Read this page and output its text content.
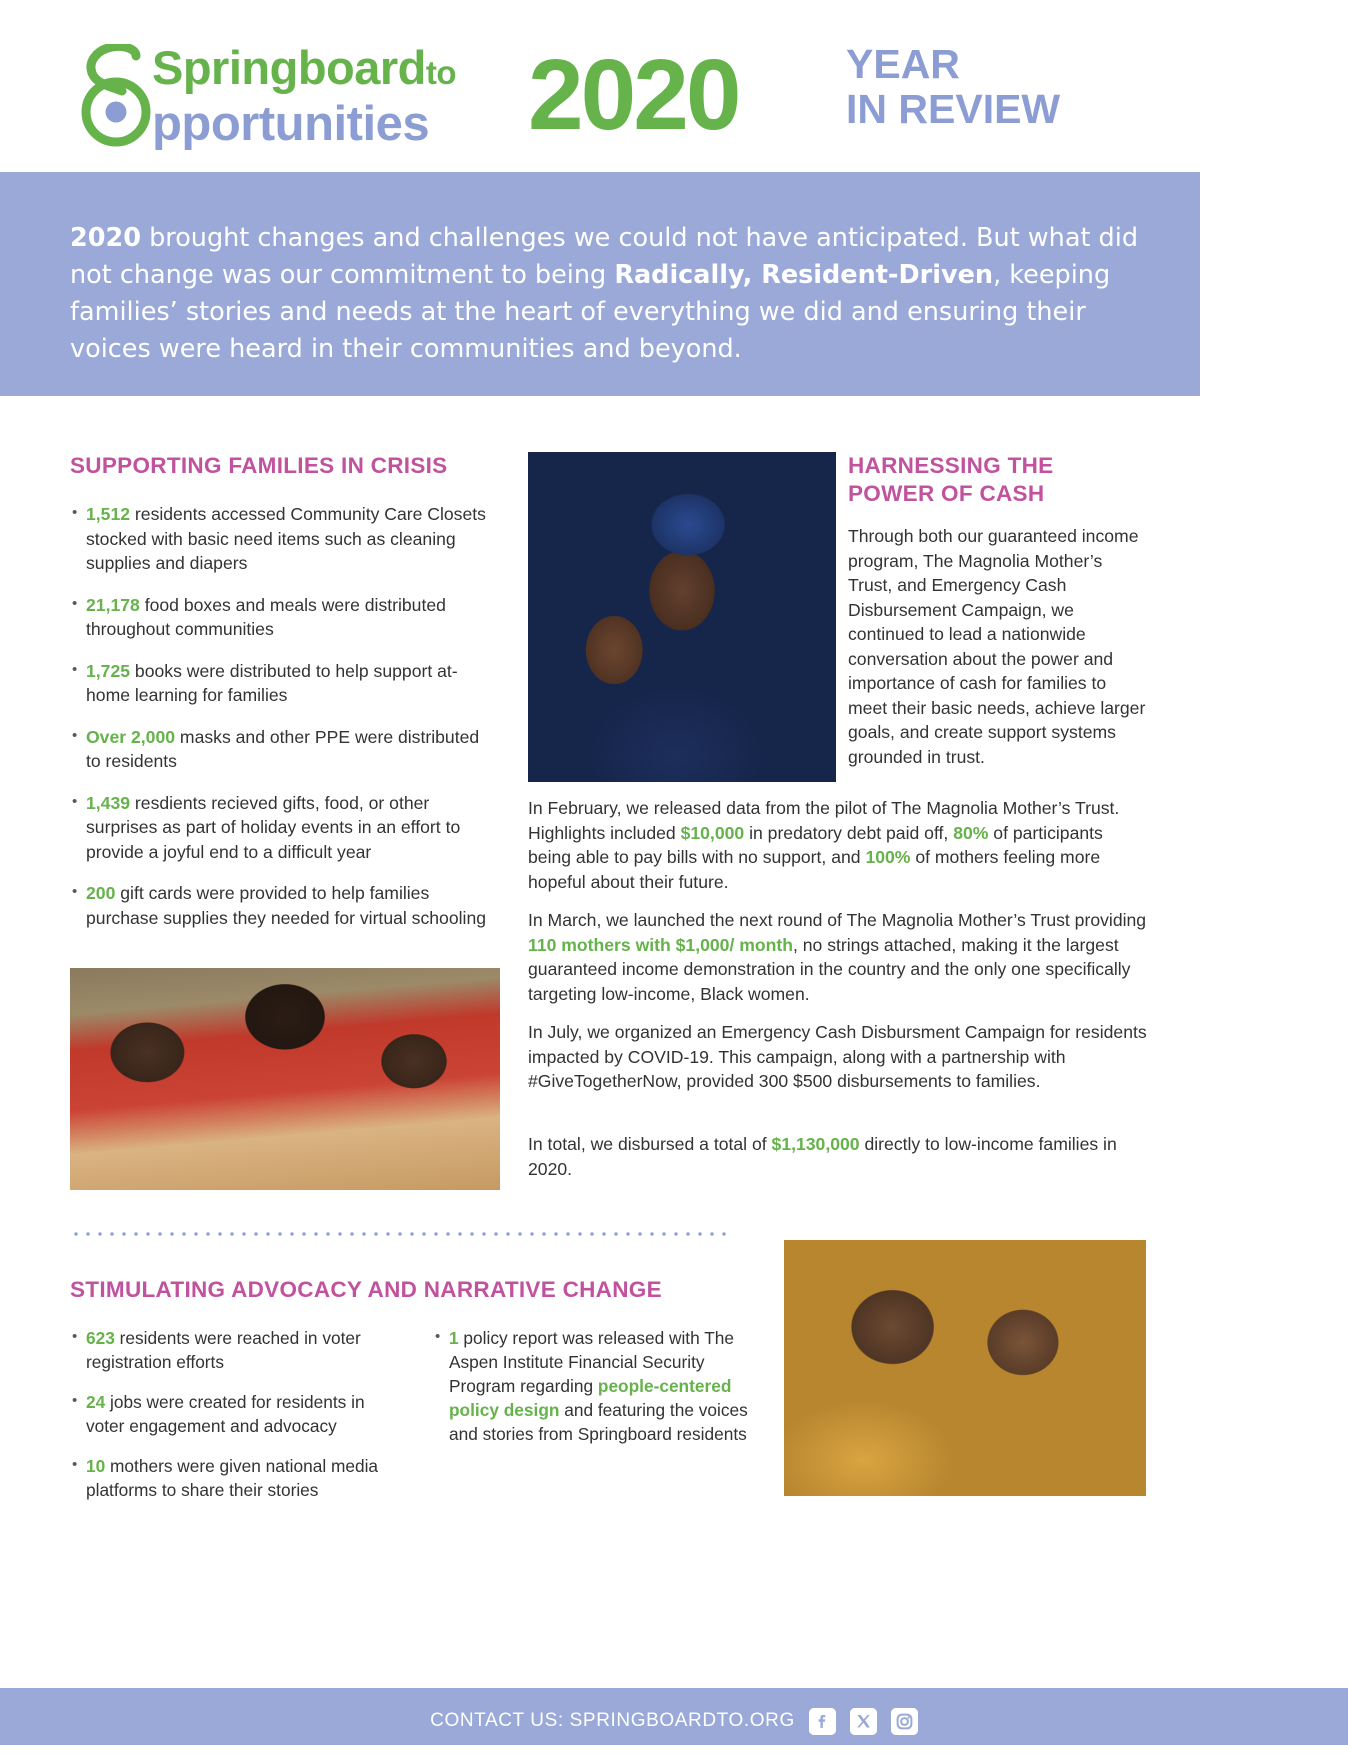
Springboardto
pportunities 2020	YEAR
IN REVIEW
2020 brought changes and challenges we could not have anticipated. But what did not change was our commitment to being Radically, Resident-Driven, keeping families’ stories and needs at the heart of everything we did and ensuring their voices were heard in their communities and beyond.
SUPPORTING FAMILIES IN CRISIS
• 1,512 residents accessed Community Care Closets stocked with basic need items such as cleaning supplies and diapers
• 21,178 food boxes and meals were distributed throughout communities
• 1,725 books were distributed to help support at-home learning for families
• Over 2,000 masks and other PPE were distributed to residents
• 1,439 resdients recieved gifts, food, or other surprises as part of holiday events in an effort to provide a joyful end to a difficult year
• 200 gift cards were provided to help families purchase supplies they needed for virtual schooling
HARNESSING THE
POWER OF CASH
Through both our guaranteed income program, The Magnolia Mother’s Trust, and Emergency Cash Disbursement Campaign, we continued to lead a nationwide conversation about the power and importance of cash for families to meet their basic needs, achieve larger goals, and create support systems grounded in trust.
In February, we released data from the pilot of The Magnolia Mother’s Trust. Highlights included $10,000 in predatory debt paid off, 80% of participants being able to pay bills with no support, and 100% of mothers feeling more hopeful about their future.
In March, we launched the next round of The Magnolia Mother’s Trust providing 110 mothers with $1,000/ month, no strings attached, making it the largest guaranteed income demonstration in the country and the only one specifically targeting low-income, Black women.
In July, we organized an Emergency Cash Disbursment Campaign for residents impacted by COVID-19. This campaign, along with a partnership with #GiveTogetherNow, provided 300 $500 disbursements to families.
In total, we disbursed a total of $1,130,000 directly to low-income families in 2020.
STIMULATING ADVOCACY AND NARRATIVE CHANGE
• 623 residents were reached in voter registration efforts
• 24 jobs were created for residents in voter engagement and advocacy
• 10 mothers were given national media platforms to share their stories
• 1 policy report was released with The Aspen Institute Financial Security Program regarding people-centered policy design and featuring the voices and stories from Springboard residents
CONTACT US: SPRINGBOARDTO.ORG
